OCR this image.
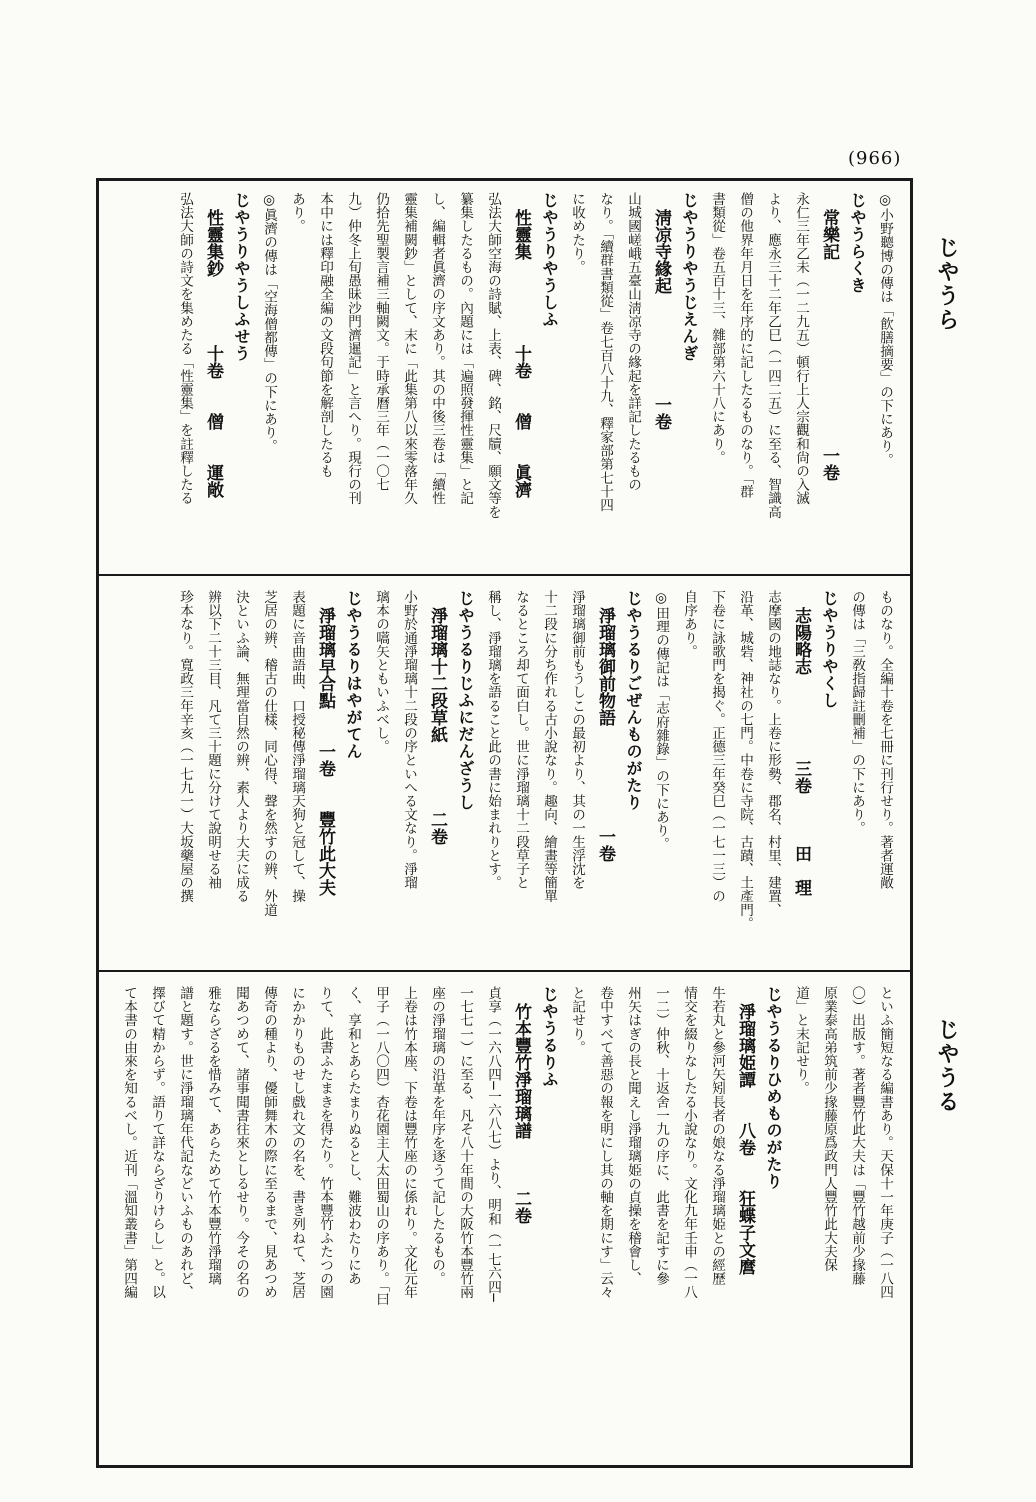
(966)
じやうら
じやうる
◎小野聽博の傳は「飮膳摘要」の下にあり。
じやうらくき
　常樂記　　　　　　　　　　　一卷
永仁三年乙未（一二九五）頓行上人宗觀和尙の入滅
より、應永三十二年乙巳（一四二五）に至る、智識高
僧の他界年月日を年序的に記したるものなり。「群
書類從」卷五百十三、雜部第六十八にあり。
じやうりやうじえんぎ
　淸凉寺緣起　　　　　　一卷
山城國嵯峨五臺山淸凉寺の緣起を詳記したるもの
なり。「續群書類從」卷七百八十九、釋家部第七十四
に收めたり。
じやうりやうしふ
　性靈集　　　　　十卷　　僧　　眞濟
弘法大師空海の詩賦、上表、碑、銘、尺牘、願文等を
纂集したるもの。內題には「遍照發揮性靈集」と記
し、編輯者眞濟の序文あり。其の中後三卷は「續性
靈集補闕鈔」として、末に「此集第八以來零落年久
仍拾先聖製言補三軸闕文。于時承曆三年（一〇七
九）仲冬上旬愚昧沙門濟暹記」と言へり。現行の刊
本中には釋印融全編の文段句節を解剖したるも
あり。
◎眞濟の傳は「空海僧都傳」の下にあり。
じやうりやうしふせう
　性靈集鈔　　　　十卷　　僧　　運敞
弘法大師の詩文を集めたる「性靈集」を註釋したる
ものなり。全編十卷を七冊に刊行せり。著者運敞
の傳は「三敎指歸註刪補」の下にあり。
じやうりやくし
　志陽略志　　　　　三卷　　　田　理
志摩國の地誌なり。上卷に形勢、郡名、村里、建置、
沿革、城砦、神社の七門。中卷に寺院、古蹟、土產門。
下卷に詠歌門を揭ぐ。正德三年癸巳（一七一三）の
自序あり。
◎田理の傳記は「志府雜錄」の下にあり。
じやうるりごぜんものがたり
　淨瑠璃御前物語　　　　　　一卷
淨瑠璃御前もうしこの最初より、其の一生浮沈を
十二段に分ち作れる古小說なり。趣向、繪畫等簡單
なるところ却て面白し。世に淨瑠璃十二段草子と
稱し、淨瑠璃を語ること此の書に始まれりとす。
じやうるりじふにだんざうし
　淨瑠璃十二段草紙　　　　二卷
小野於通淨瑠璃十二段の序といへる文なり。淨瑠
璃本の嚆矢ともいふべし。
じやうるりはやがてん
　淨瑠璃早合點　　一卷　　豐竹此大夫
表題に音曲語曲、口授秘傳淨瑠璃天狗と冠して、操
芝居の辨、稽古の仕樣、同心得、聲を然すの辨、外道
決といふ論、無理當自然の辨、素人より大夫に成る
辨以下二十三目、凡て三十題に分けて說明せる袖
珍本なり。寬政三年辛亥（一七九一）大坂藥屋の撰
といふ簡短なる編書あり。天保十一年庚子（一八四
〇）出版す。著者豐竹此大夫は「豐竹越前少掾藤
原業泰高弟筑前少掾藤原爲政門人豐竹此大夫保
道」と末記せり。
じやうるりひめものがたり
　淨瑠璃姫譚　　八卷　　狂蝶子文麿
牛若丸と參河矢矧長者の娘なる淨瑠璃姫との經歷
情交を綴りなしたる小說なり。文化九年壬申（一八
一二）仲秋、十返舍一九の序に、此書を記すに參
州矢はぎの長と聞えし淨瑠璃姫の貞操を稽會し、
卷中すべて善惡の報を明にし其の軸を期にす」云々
と記せり。
じやうるりふ
　竹本豐竹淨瑠璃譜　　　二卷
貞享（一六八四─一六八七）より、明和（一七六四─
一七七一）に至る、凡そ八十年間の大阪竹本豐竹兩
座の淨瑠璃の沿革を年序を逐うて記したるもの。
上卷は竹本座、下卷は豐竹座のに係れり。文化元年
甲子（一八〇四）杏花園主人太田蜀山の序あり。「曰
く、享和とあらたまりぬるとし、難波わたりにあ
りて、此書ふたまきを得たり。竹本豐竹ふたつの園
にかかりものせし戲れ文の名を、書き列ねて、芝居
傳奇の種より、優師舞木の際に至るまで、見あつめ
聞あつめて、諸事聞書往來としるせり。今その名の
雅ならざるを惜みて、あらためて竹本豐竹淨瑠璃
譜と題す。世に淨瑠璃年代記などいふものあれど、
擇びて精からず。語りて詳ならざりけらし」と。以
て本書の由來を知るべし。近刊「溫知叢書」第四編
